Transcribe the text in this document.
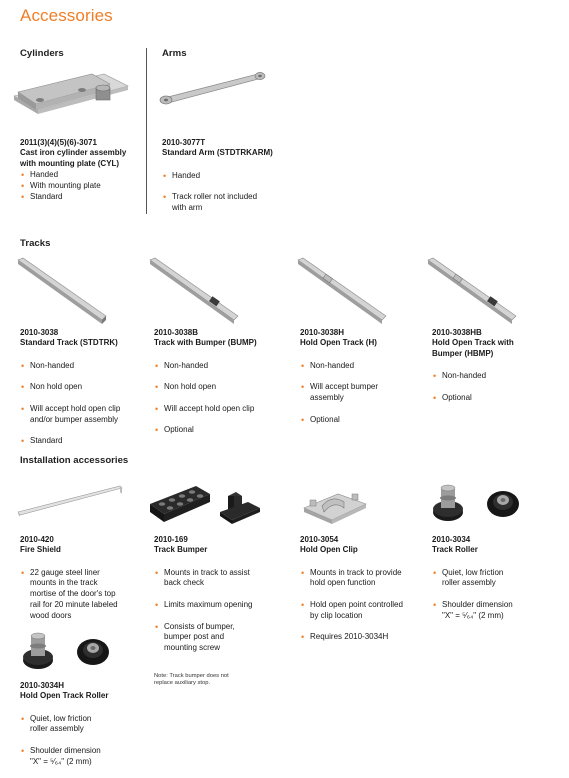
Accessories
Cylinders
2011(3)(4)(5)(6)-3071
Cast iron cylinder assembly
with mounting plate (CYL)
• Handed
• With mounting plate
• Standard
Arms
2010-3077T
Standard Arm (STDTRKARM)

• Handed

• Track roller not included
with arm

Tracks
2010-3038
Standard Track (STDTRK)

• Non-handed

• Non hold open

• Will accept hold open clip
and/or bumper assembly

• Standard

2010-3038B
Track with Bumper (BUMP)

• Non-handed

• Non hold open

• Will accept hold open clip

• Optional

2010-3038H
Hold Open Track (H)

• Non-handed

• Will accept bumper
assembly

• Optional

2010-3038HB
Hold Open Track with
Bumper (HBMP)

• Non-handed

• Optional

Installation accessories
2010-420
Fire Shield

• 22 gauge steel liner
mounts in the track
mortise of the door's top
rail for 20 minute labeled
wood doors

2010-169
Track Bumper

• Mounts in track to assist
back check

• Limits maximum opening

• Consists of bumper,
bumper post and
mounting screw

Note: Track bumper does not
replace auxiliary stop.
2010-3054
Hold Open Clip

• Mounts in track to provide
hold open function

• Hold open point controlled
by clip location

• Requires 2010-3034H

2010-3034
Track Roller

• Quiet, low friction
roller assembly

• Shoulder dimension
"X" = ⁵⁄₆₄" (2 mm)

2010-3034H
Hold Open Track Roller

• Quiet, low friction
roller assembly

• Shoulder dimension
"X" = ⁵⁄₆₄" (2 mm)
